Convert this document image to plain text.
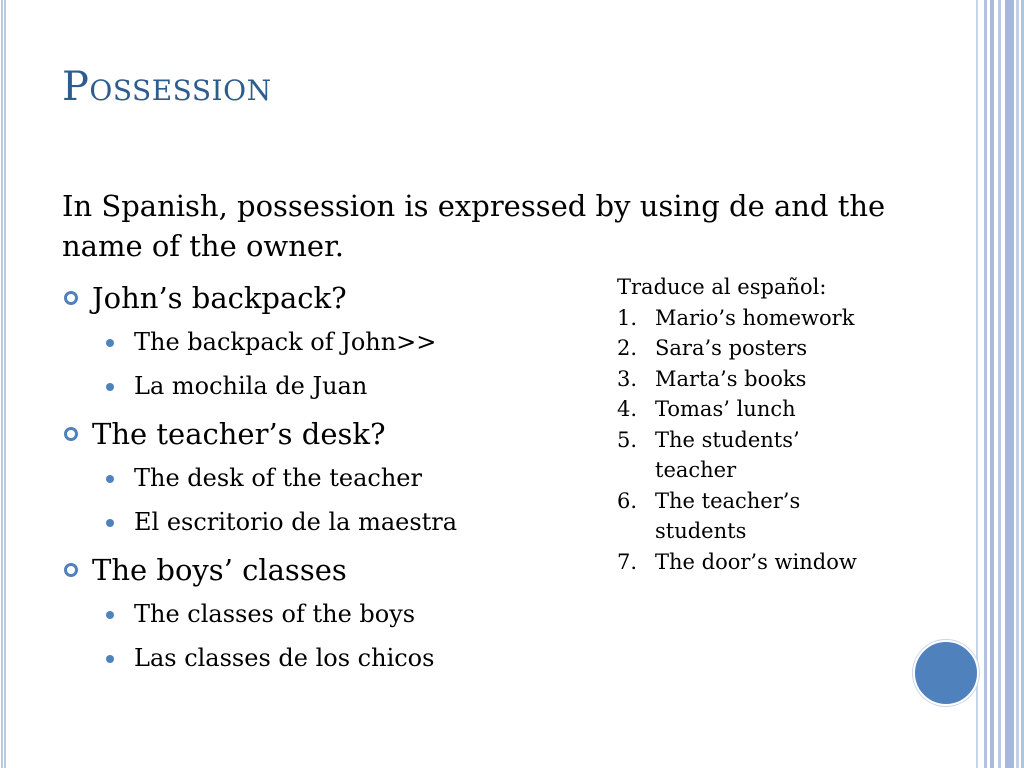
Possession

In Spanish, possession is expressed by using de and the name of the owner.

John’s backpack?
The backpack of John>>
La mochila de Juan
The teacher’s desk?
The desk of the teacher
El escritorio de la maestra
The boys’ classes
The classes of the boys
Las classes de los chicos

Traduce al español:

1. Mario’s homework
2. Sara’s posters
3. Marta’s books
4. Tomas’ lunch
5. The students’ teacher
6. The teacher’s students
7. The door’s window
